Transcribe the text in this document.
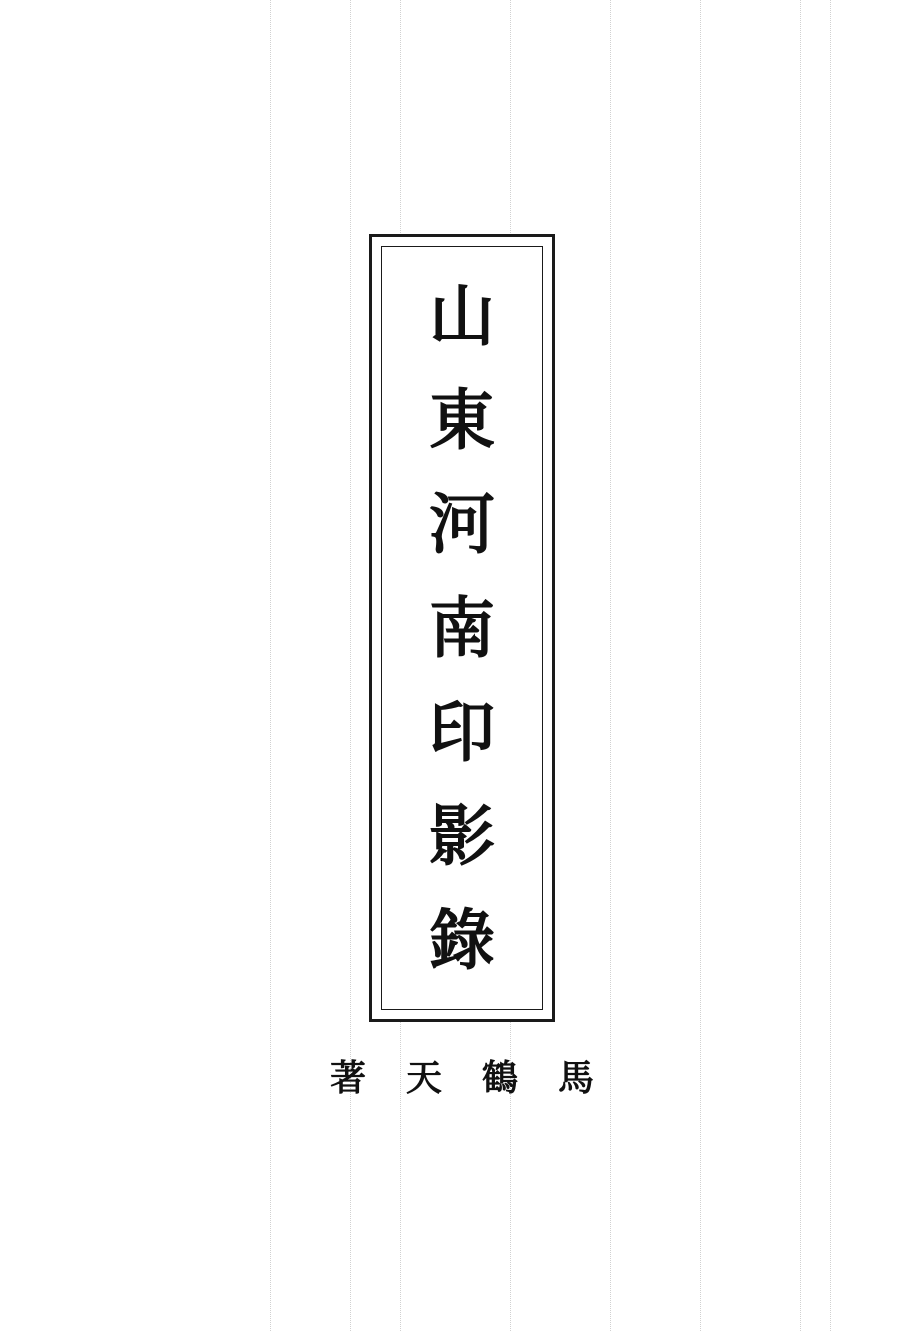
山
東
河
南
印
影
錄
著 天 鶴 馬
